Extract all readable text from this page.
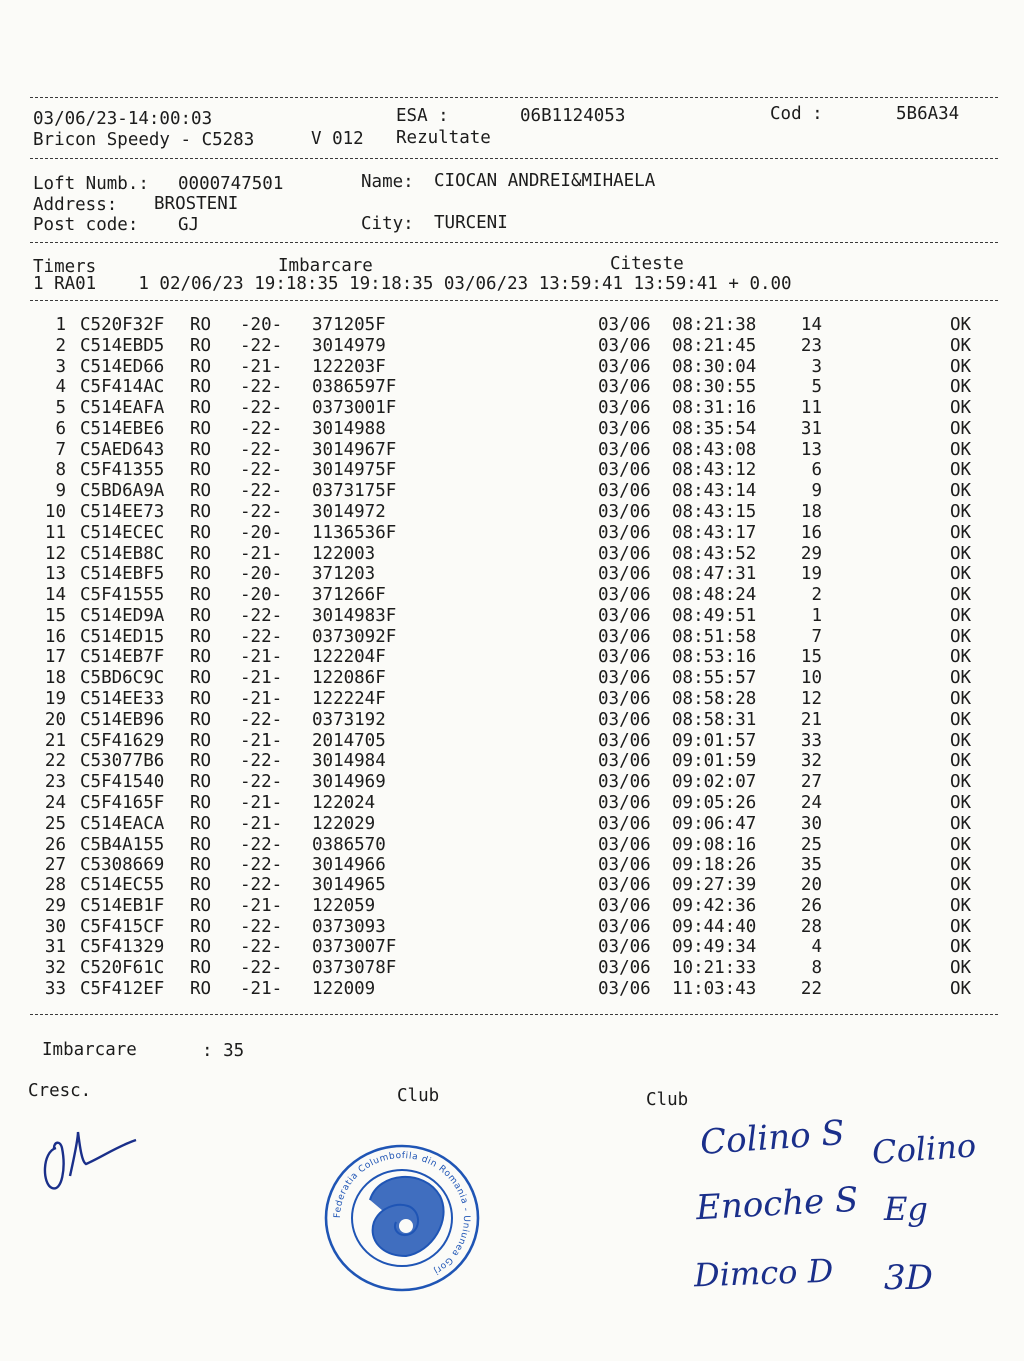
03/06/23-14:00:03	ESA :	06B1124053	Cod :	5B6A34
Bricon Speedy - C5283	V 012 Rezultate
Loft Numb.: 0000747501	Name: CIOCAN ANDREI&MIHAELA
Address: BROSTENI
Post code: GJ	City: TURCENI
Timers	Imbarcare	Citeste
1 RA01    1 02/06/23 19:18:35 19:18:35 03/06/23 13:59:41 13:59:41 + 0.00
1 C520F32F RO -20- 371205F	03/06 08:21:38	14	OK
2 C514EBD5 RO -22- 3014979	03/06 08:21:45	23	OK
3 C514ED66 RO -21- 122203F	03/06 08:30:04	3	OK
4 C5F414AC RO -22- 0386597F	03/06 08:30:55	5	OK
5 C514EAFA RO -22- 0373001F	03/06 08:31:16	11	OK
6 C514EBE6 RO -22- 3014988	03/06 08:35:54	31	OK
7 C5AED643 RO -22- 3014967F	03/06 08:43:08	13	OK
8 C5F41355 RO -22- 3014975F	03/06 08:43:12	6	OK
9 C5BD6A9A RO -22- 0373175F	03/06 08:43:14	9	OK
10 C514EE73 RO -22- 3014972	03/06 08:43:15	18	OK
11 C514ECEC RO -20- 1136536F	03/06 08:43:17	16	OK
12 C514EB8C RO -21- 122003	03/06 08:43:52	29	OK
13 C514EBF5 RO -20- 371203	03/06 08:47:31	19	OK
14 C5F41555 RO -20- 371266F	03/06 08:48:24	2	OK
15 C514ED9A RO -22- 3014983F	03/06 08:49:51	1	OK
16 C514ED15 RO -22- 0373092F	03/06 08:51:58	7	OK
17 C514EB7F RO -21- 122204F	03/06 08:53:16	15	OK
18 C5BD6C9C RO -21- 122086F	03/06 08:55:57	10	OK
19 C514EE33 RO -21- 122224F	03/06 08:58:28	12	OK
20 C514EB96 RO -22- 0373192	03/06 08:58:31	21	OK
21 C5F41629 RO -21- 2014705	03/06 09:01:57	33	OK
22 C53077B6 RO -22- 3014984	03/06 09:01:59	32	OK
23 C5F41540 RO -22- 3014969	03/06 09:02:07	27	OK
24 C5F4165F RO -21- 122024	03/06 09:05:26	24	OK
25 C514EACA RO -21- 122029	03/06 09:06:47	30	OK
26 C5B4A155 RO -22- 0386570	03/06 09:08:16	25	OK
27 C5308669 RO -22- 3014966	03/06 09:18:26	35	OK
28 C514EC55 RO -22- 3014965	03/06 09:27:39	20	OK
29 C514EB1F RO -21- 122059	03/06 09:42:36	26	OK
30 C5F415CF RO -22- 0373093	03/06 09:44:40	28	OK
31 C5F41329 RO -22- 0373007F	03/06 09:49:34	4	OK
32 C520F61C RO -22- 0373078F	03/06 10:21:33	8	OK
33 C5F412EF RO -21- 122009	03/06 11:03:43	22	OK
Imbarcare	: 35
Cresc.	Club	Club
Federatia Columbofila din Romania - Uniunea Gorj
Colino S Colino
Enoche S Eg
Dimco D 3D
